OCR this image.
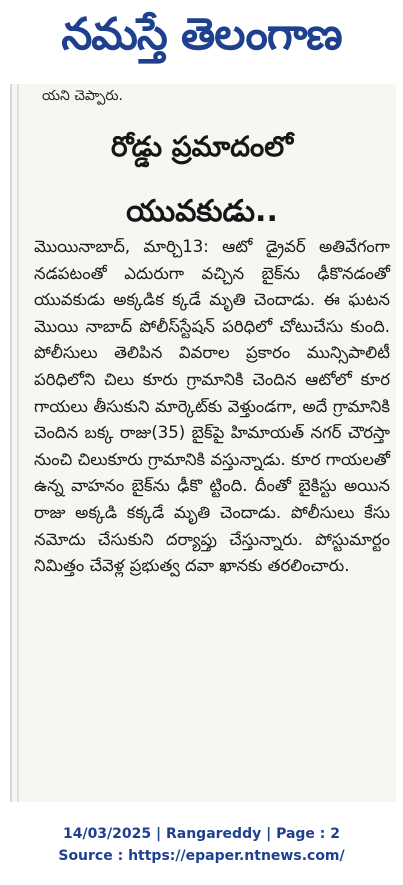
నమస్తే తెలంగాణ
యని చెప్పారు.
రోడ్డు ప్రమాదంలో
యువకుడు..

మొయినాబాద్, మార్చి13: ఆటో డ్రైవర్ అతివేగంగా నడపటంతో ఎదురుగా వచ్చిన బైక్‌ను ఢీకొనడంతో యువకుడు అక్కడిక క్కడే మృతి చెందాడు. ఈ ఘటన మొయి నాబాద్ పోలీస్‌స్టేషన్ పరిధిలో చోటుచేసు కుంది. పోలీసులు తెలిపిన వివరాల ప్రకారం మున్సిపాలిటీ పరిధిలోని చిలు కూరు గ్రామానికి చెందిన ఆటోలో కూర గాయలు తీసుకుని మార్కెట్‌కు వెళ్తుండగా, అదే గ్రామానికి చెందిన బక్క రాజు(35) బైక్‌పై హిమాయత్ నగర్ చౌరస్తా నుంచి చిలుకూరు గ్రామానికి వస్తున్నాడు. కూర గాయలతో ఉన్న వాహనం బైక్‌ను ఢీకొ ట్టింది. దీంతో బైకిస్టు అయిన రాజు అక్కడి కక్కడే మృతి చెందాడు. పోలీసులు కేసు నమోదు చేసుకుని దర్యాప్తు చేస్తున్నారు. పోస్టుమార్టం నిమిత్తం చేవెళ్ల ప్రభుత్వ దవా ఖానకు తరలించారు.

14/03/2025 | Rangareddy | Page : 2
Source : https://epaper.ntnews.com/
